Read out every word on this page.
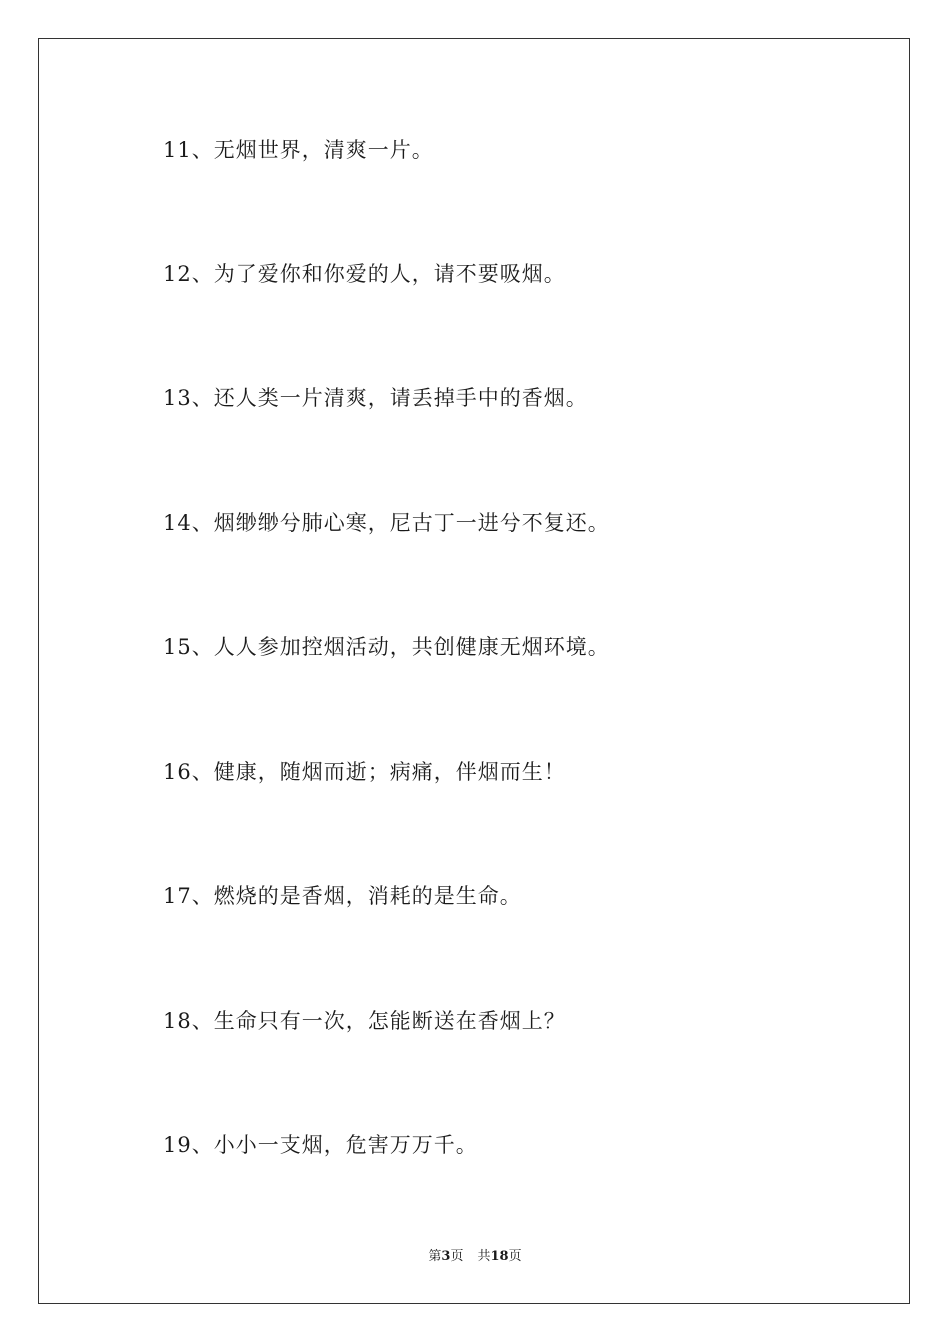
11、无烟世界，清爽一片。
12、为了爱你和你爱的人，请不要吸烟。
13、还人类一片清爽，请丢掉手中的香烟。
14、烟缈缈兮肺心寒，尼古丁一进兮不复还。
15、人人参加控烟活动，共创健康无烟环境。
16、健康，随烟而逝；病痛，伴烟而生！
17、燃烧的是香烟，消耗的是生命。
18、生命只有一次，怎能断送在香烟上？
19、小小一支烟，危害万万千。
第3页 共18页
